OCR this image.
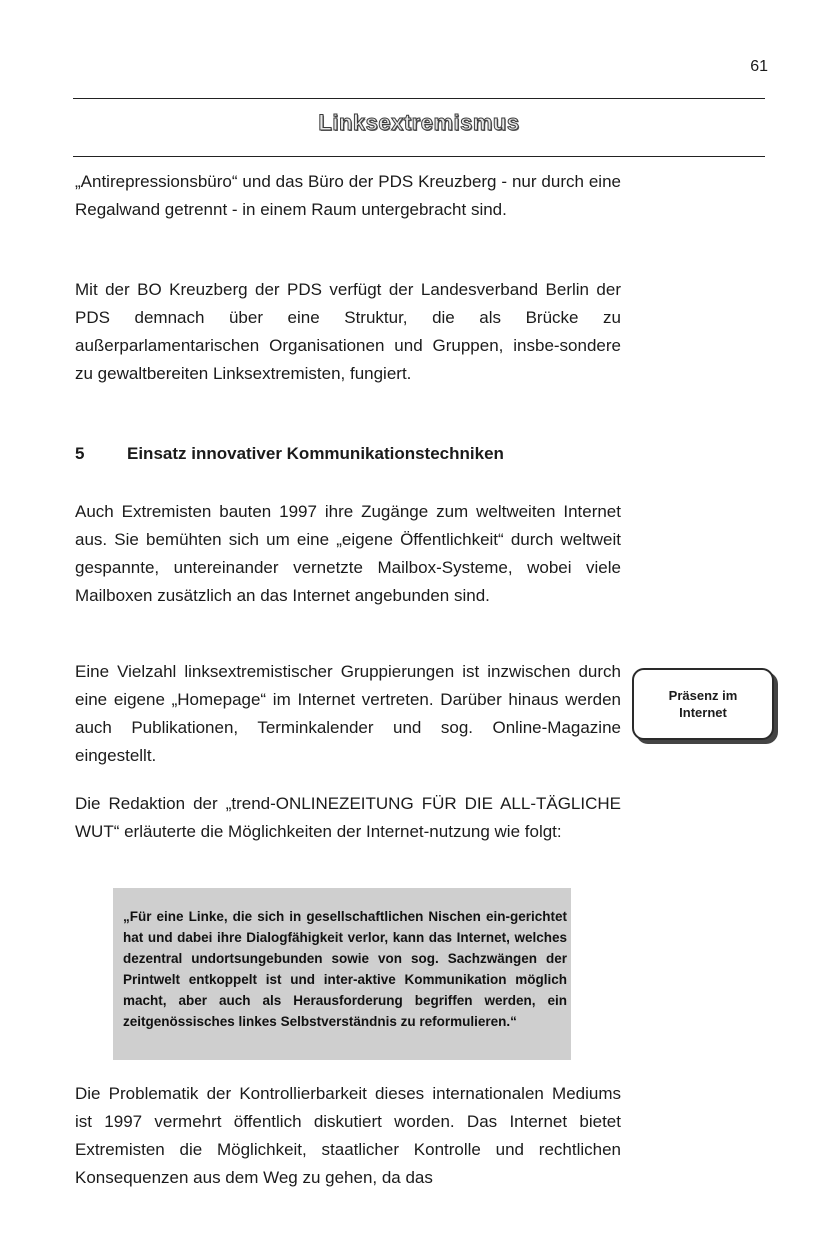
61
Linksextremismus

„Antirepressionsbüro“ und das Büro der PDS Kreuzberg - nur durch eine Regalwand getrennt - in einem Raum untergebracht sind.

Mit der BO Kreuzberg der PDS verfügt der Landesverband Berlin der PDS demnach über eine Struktur, die als Brücke zu außerparlamentarischen Organisationen und Gruppen, insbe-sondere zu gewaltbereiten Linksextremisten, fungiert.

5	Einsatz innovativer Kommunikationstechniken

Auch Extremisten bauten 1997 ihre Zugänge zum weltweiten Internet aus. Sie bemühten sich um eine „eigene Öffentlichkeit“ durch weltweit gespannte, untereinander vernetzte Mailbox-Systeme, wobei viele Mailboxen zusätzlich an das Internet angebunden sind.

Eine Vielzahl linksextremistischer Gruppierungen ist inzwischen durch eine eigene „Homepage“ im Internet vertreten. Darüber hinaus werden auch Publikationen, Terminkalender und sog. Online-Magazine eingestellt.

Die Redaktion der „trend-ONLINEZEITUNG FÜR DIE ALL-TÄGLICHE WUT“ erläuterte die Möglichkeiten der Internet-nutzung wie folgt:

„Für eine Linke, die sich in gesellschaftlichen Nischen ein-gerichtet hat und dabei ihre Dialogfähigkeit verlor, kann das Internet, welches dezentral undortsungebunden sowie von sog. Sachzwängen der Printwelt entkoppelt ist und inter-aktive Kommunikation möglich macht, aber auch als Herausforderung begriffen werden, ein zeitgenössisches linkes Selbstverständnis zu reformulieren.“

Präsenz im Internet

Die Problematik der Kontrollierbarkeit dieses internationalen Mediums ist 1997 vermehrt öffentlich diskutiert worden. Das Internet bietet Extremisten die Möglichkeit, staatlicher Kontrolle und rechtlichen Konsequenzen aus dem Weg zu gehen, da das
